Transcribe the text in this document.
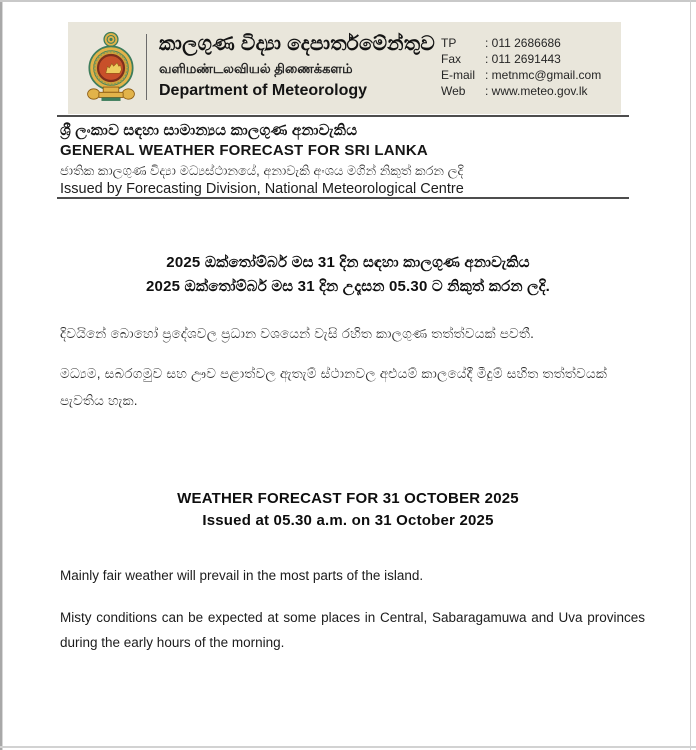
කාලගුණ විද්‍යා දෙපාර්තමේන්තුව
வளிமண்டலவியல் திணைக்களம்
Department of Meteorology
TP	: 011 2686686
Fax	: 011 2691443
E-mail : metnmc@gmail.com
Web	: www.meteo.gov.lk
ශ්‍රී ලංකාව සඳහා සාමාන්‍යය කාලගුණ අනාවැකිය
GENERAL WEATHER FORECAST FOR SRI LANKA
ජාතික කාලගුණ විද්‍යා මධ්‍යස්ථානයේ, අනාවැකි අංශය මගින් නිකුත් කරන ලදි
Issued by Forecasting Division, National Meteorological Centre
2025 ඔක්තෝම්බර් මස 31 දින සඳහා කාලගුණ අනාවැකිය
2025 ඔක්තෝම්බර් මස 31 දින උදෑසන 05.30 ට නිකුත් කරන ලදි.
දිවයිනේ බොහෝ ප්‍රදේශවල ප්‍රධාන වශයෙන් වැසි රහිත කාලගුණ තත්ත්වයක් පවතී.
මධ්‍යම, සබරගමුව සහ ඌව පළාත්වල ඇතැම් ස්ථානවල අළුයම් කාලයේදී මීදුම් සහිත තත්ත්වයක් පැවතිය හැක.
WEATHER FORECAST FOR 31 OCTOBER 2025
Issued at 05.30 a.m. on 31 October 2025
Mainly fair weather will prevail in the most parts of the island.
Misty conditions can be expected at some places in Central, Sabaragamuwa and Uva provinces during the early hours of the morning.
